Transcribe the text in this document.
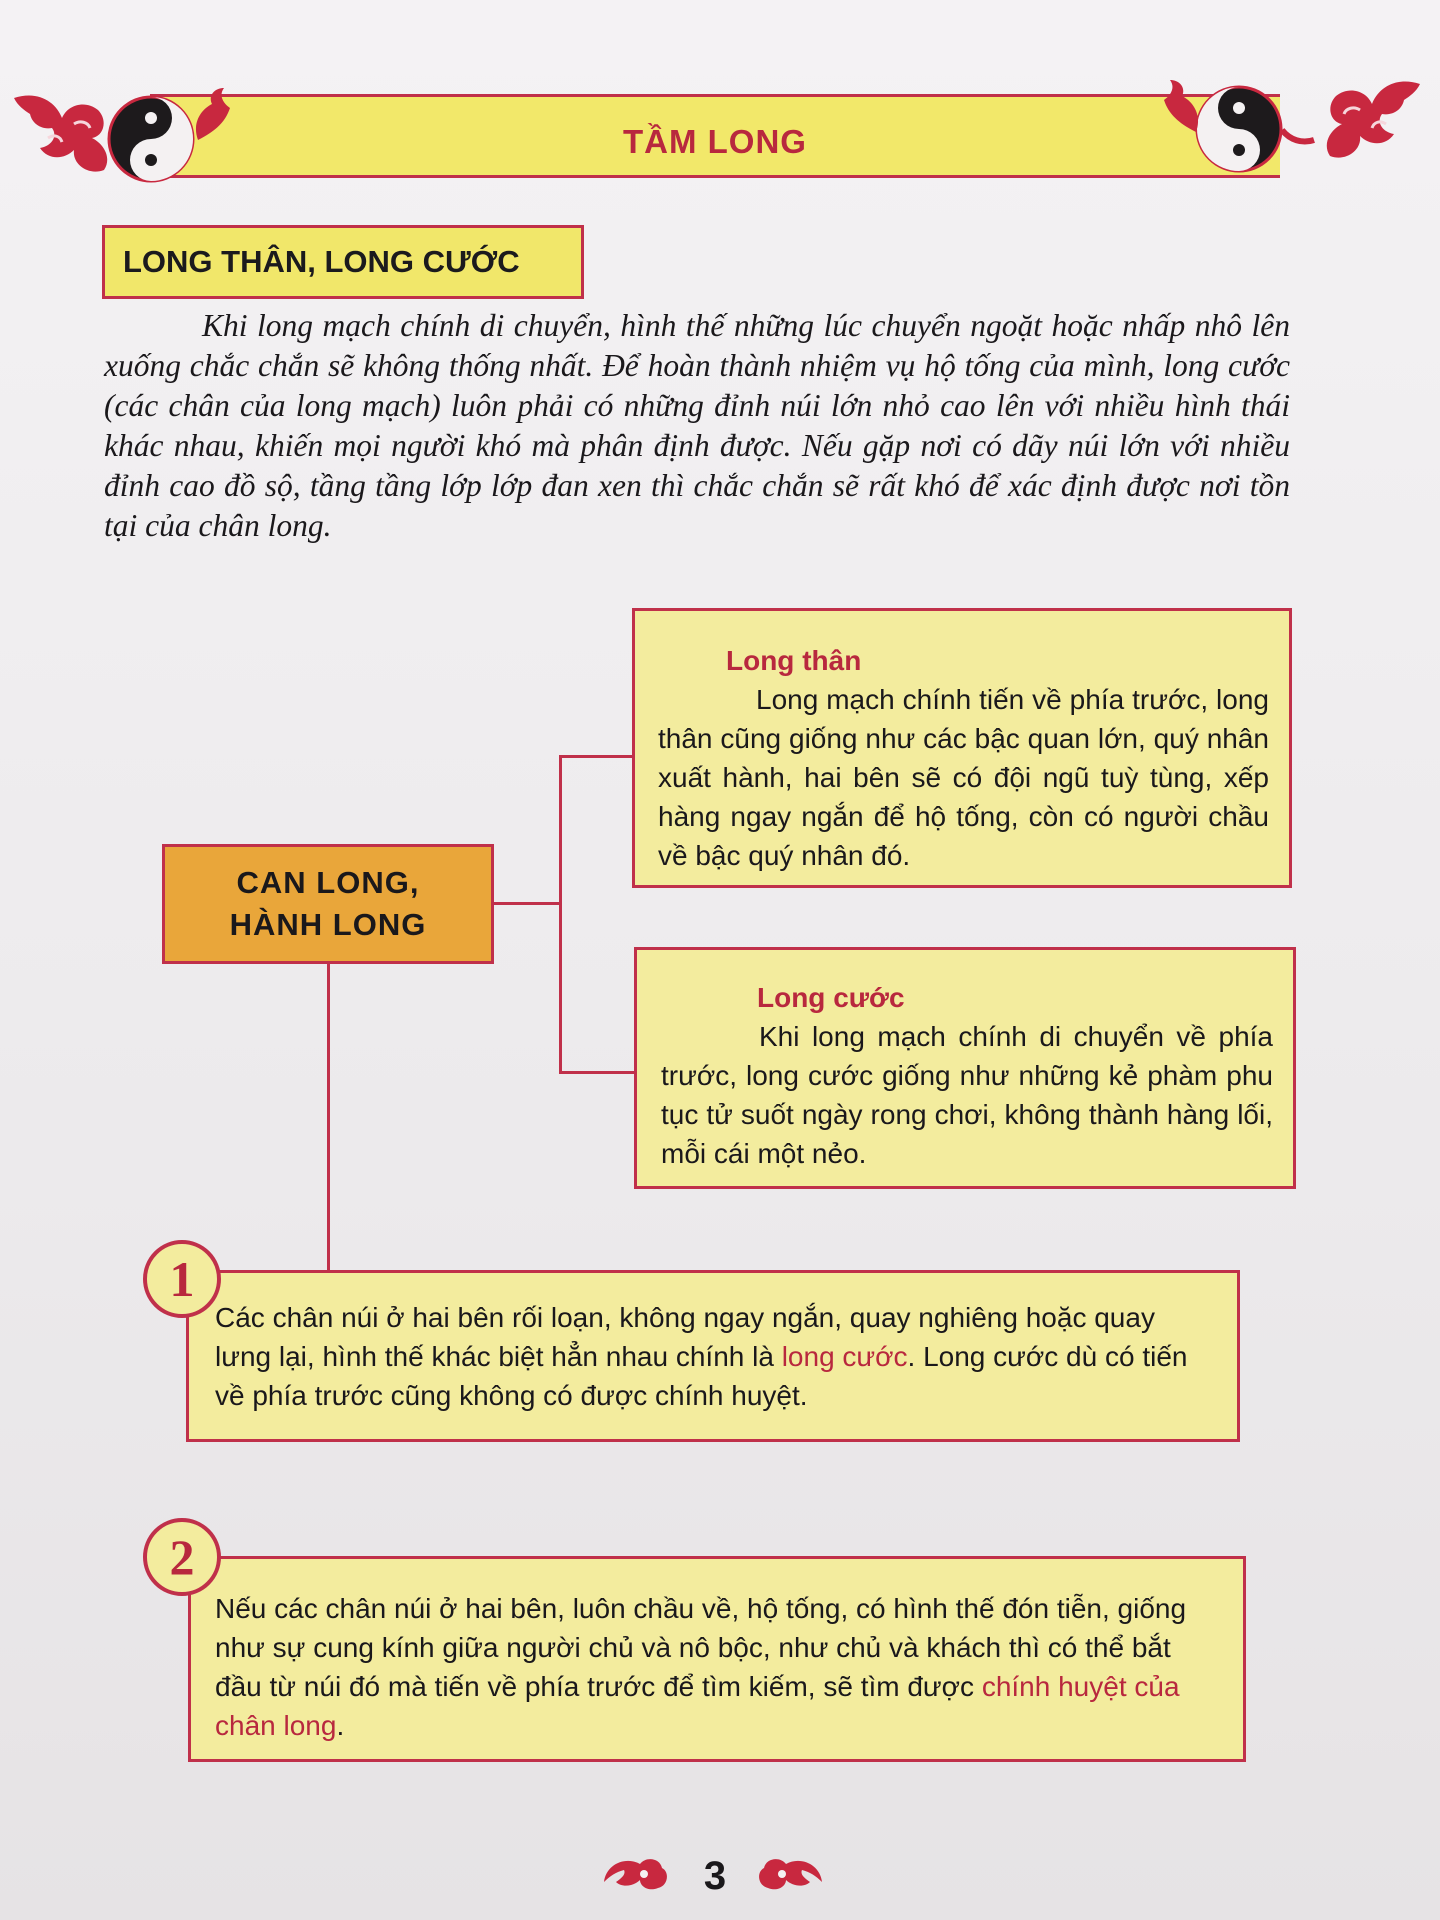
TẦM LONG
LONG THÂN, LONG CƯỚC

Khi long mạch chính di chuyển, hình thế những lúc chuyển ngoặt hoặc nhấp nhô lên xuống chắc chắn sẽ không thống nhất. Để hoàn thành nhiệm vụ hộ tống của mình, long cước (các chân của long mạch) luôn phải có những đỉnh núi lớn nhỏ cao lên với nhiều hình thái khác nhau, khiến mọi người khó mà phân định được. Nếu gặp nơi có dãy núi lớn với nhiều đỉnh cao đồ sộ, tầng tầng lớp lớp đan xen thì chắc chắn sẽ rất khó để xác định được nơi tồn tại của chân long.

CAN LONG,
HÀNH LONG
Long thân
Long mạch chính tiến về phía trước, long thân cũng giống như các bậc quan lớn, quý nhân xuất hành, hai bên sẽ có đội ngũ tuỳ tùng, xếp hàng ngay ngắn để hộ tống, còn có người chầu về bậc quý nhân đó.
Long cước
Khi long mạch chính di chuyển về phía trước, long cước giống như những kẻ phàm phu tục tử suốt ngày rong chơi, không thành hàng lối, mỗi cái một nẻo.
Các chân núi ở hai bên rối loạn, không ngay ngắn, quay nghiêng hoặc quay lưng lại, hình thế khác biệt hẳn nhau chính là long cước. Long cước dù có tiến về phía trước cũng không có được chính huyệt.
1
Nếu các chân núi ở hai bên, luôn chầu về, hộ tống, có hình thế đón tiễn, giống như sự cung kính giữa người chủ và nô bộc, như chủ và khách thì có thể bắt đầu từ núi đó mà tiến về phía trước để tìm kiếm, sẽ tìm được chính huyệt của chân long.
2
3
